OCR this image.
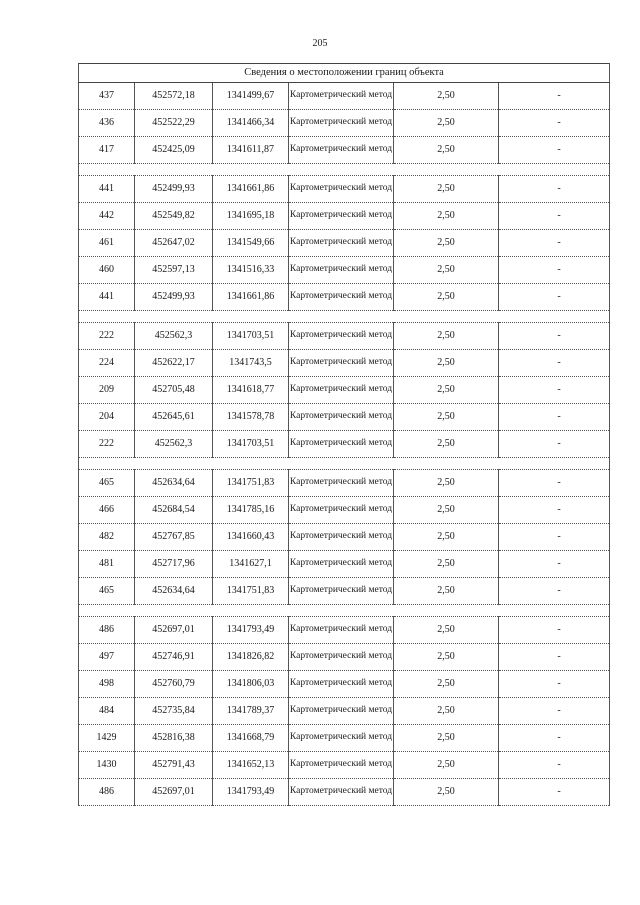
205
Сведения о местоположении границ объекта					
437	452572,18	1341499,67	Картометрический метод	2,50	-
436	452522,29	1341466,34	Картометрический метод	2,50	-
417	452425,09	1341611,87	Картометрический метод	2,50	-

441	452499,93	1341661,86	Картометрический метод	2,50	-
442	452549,82	1341695,18	Картометрический метод	2,50	-
461	452647,02	1341549,66	Картометрический метод	2,50	-
460	452597,13	1341516,33	Картометрический метод	2,50	-
441	452499,93	1341661,86	Картометрический метод	2,50	-

222	452562,3	1341703,51	Картометрический метод	2,50	-
224	452622,17	1341743,5	Картометрический метод	2,50	-
209	452705,48	1341618,77	Картометрический метод	2,50	-
204	452645,61	1341578,78	Картометрический метод	2,50	-
222	452562,3	1341703,51	Картометрический метод	2,50	-

465	452634,64	1341751,83	Картометрический метод	2,50	-
466	452684,54	1341785,16	Картометрический метод	2,50	-
482	452767,85	1341660,43	Картометрический метод	2,50	-
481	452717,96	1341627,1	Картометрический метод	2,50	-
465	452634,64	1341751,83	Картометрический метод	2,50	-

486	452697,01	1341793,49	Картометрический метод	2,50	-
497	452746,91	1341826,82	Картометрический метод	2,50	-
498	452760,79	1341806,03	Картометрический метод	2,50	-
484	452735,84	1341789,37	Картометрический метод	2,50	-
1429	452816,38	1341668,79	Картометрический метод	2,50	-
1430	452791,43	1341652,13	Картометрический метод	2,50	-
486	452697,01	1341793,49	Картометрический метод	2,50	-
